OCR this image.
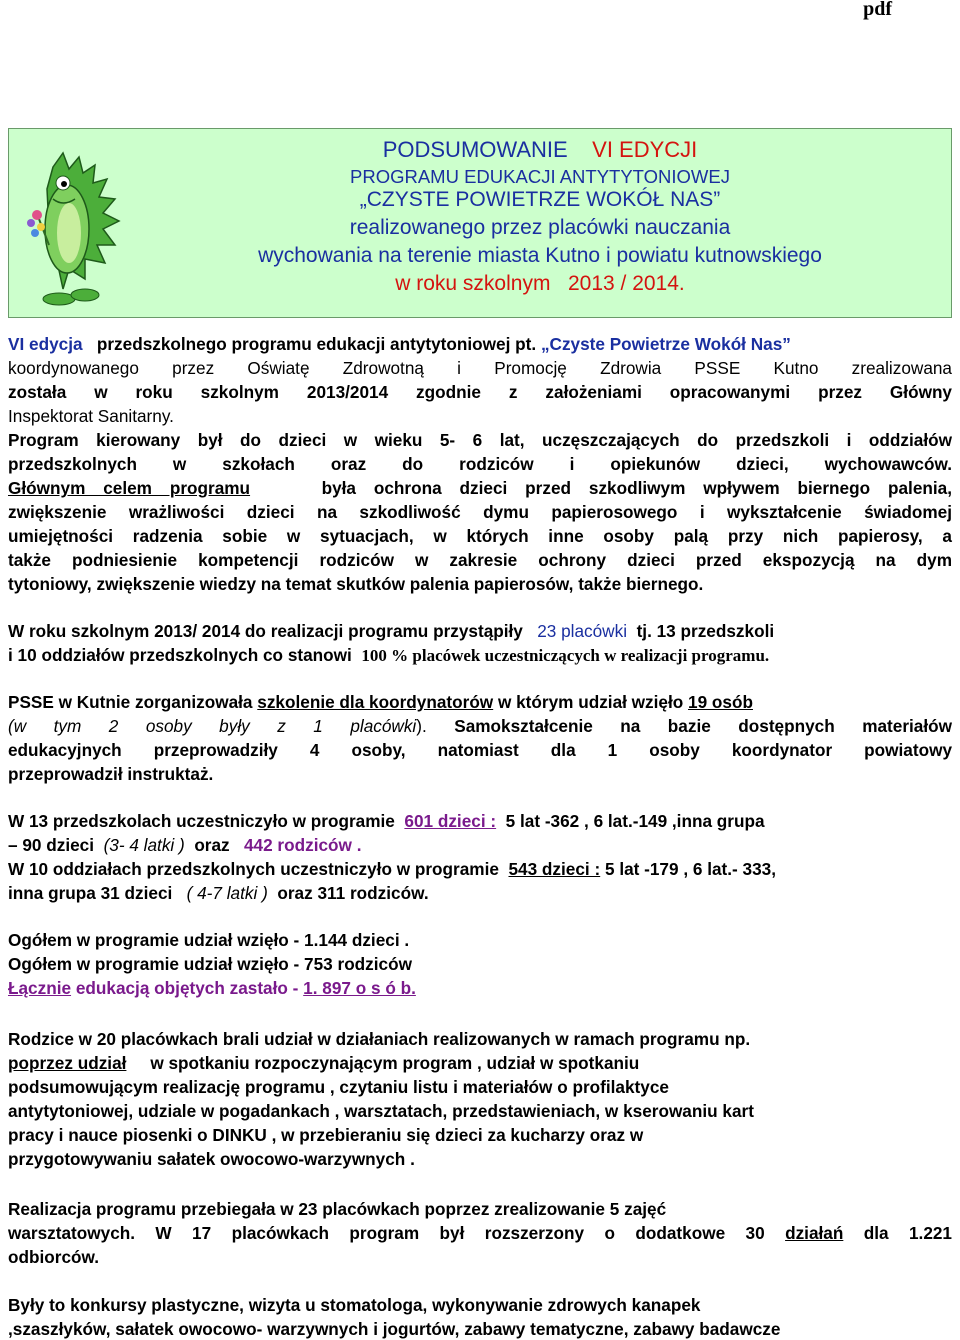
pdf
PODSUMOWANIE VI EDYCJI
PROGRAMU EDUKACJI ANTYTYTONIOWEJ
„CZYSTE POWIETRZE WOKÓŁ NAS”
realizowanego przez placówki nauczania
wychowania na terenie miasta Kutno i powiatu kutnowskiego
w roku szkolnym 2013 / 2014.
VI edycja przedszkolnego programu edukacji antytytoniowej pt. „Czyste Powietrze Wokół Nas”
koordynowanego przez Oświatę Zdrowotną i Promocję Zdrowia PSSE Kutno zrealizowana
została w roku szkolnym 2013/2014 zgodnie z założeniami opracowanymi przez Główny
Inspektorat Sanitarny.
Program kierowany był do dzieci w wieku 5- 6 lat, uczęszczających do przedszkoli i oddziałów
przedszkolnych w szkołach oraz do rodziców i opiekunów dzieci, wychowawców.
Głównym celem programu	była ochrona dzieci przed szkodliwym wpływem biernego palenia,
zwiększenie wrażliwości dzieci na szkodliwość dymu papierosowego i wykształcenie świadomej
umiejętności radzenia sobie w sytuacjach, w których inne osoby palą przy nich papierosy, a
także podniesienie kompetencji rodziców w zakresie ochrony dzieci przed ekspozycją na dym
tytoniowy, zwiększenie wiedzy na temat skutków palenia papierosów, także biernego.
W roku szkolnym 2013/ 2014 do realizacji programu przystąpiły 23 placówki tj. 13 przedszkoli
i 10 oddziałów przedszkolnych co stanowi 100 % placówek uczestniczących w realizacji programu.
PSSE w Kutnie zorganizowała szkolenie dla koordynatorów w którym udział wzięło 19 osób
(w tym 2 osoby były z 1 placówki). Samokształcenie na bazie dostępnych materiałów
edukacyjnych przeprowadziły 4 osoby, natomiast dla 1 osoby koordynator powiatowy
przeprowadził instruktaż.
W 13 przedszkolach uczestniczyło w programie 601 dzieci : 5 lat -362 , 6 lat.-149 ,inna grupa
– 90 dzieci (3- 4 latki ) oraz 442 rodziców .
W 10 oddziałach przedszkolnych uczestniczyło w programie 543 dzieci : 5 lat -179 , 6 lat.- 333,
inna grupa 31 dzieci ( 4-7 latki ) oraz 311 rodziców.
Ogółem w programie udział wzięło - 1.144 dzieci .
Ogółem w programie udział wzięło - 753 rodziców
Łącznie edukacją objętych zastało - 1. 897 o s ó b.
Rodzice w 20 placówkach brali udział w działaniach realizowanych w ramach programu np.
poprzez udział w spotkaniu rozpoczynającym program , udział w spotkaniu
podsumowującym realizację programu , czytaniu listu i materiałów o profilaktyce
antytytoniowej, udziale w pogadankach , warsztatach, przedstawieniach, w kserowaniu kart
pracy i nauce piosenki o DINKU , w przebieraniu się dzieci za kucharzy oraz w
przygotowywaniu sałatek owocowo-warzywnych .
Realizacja programu przebiegała w 23 placówkach poprzez zrealizowanie 5 zajęć
warsztatowych. W 17 placówkach program był rozszerzony o dodatkowe 30 działań dla 1.221
odbiorców.
Były to konkursy plastyczne, wizyta u stomatologa, wykonywanie zdrowych kanapek
,szaszłyków, sałatek owocowo- warzywnych i jogurtów, zabawy tematyczne, zabawy badawcze
